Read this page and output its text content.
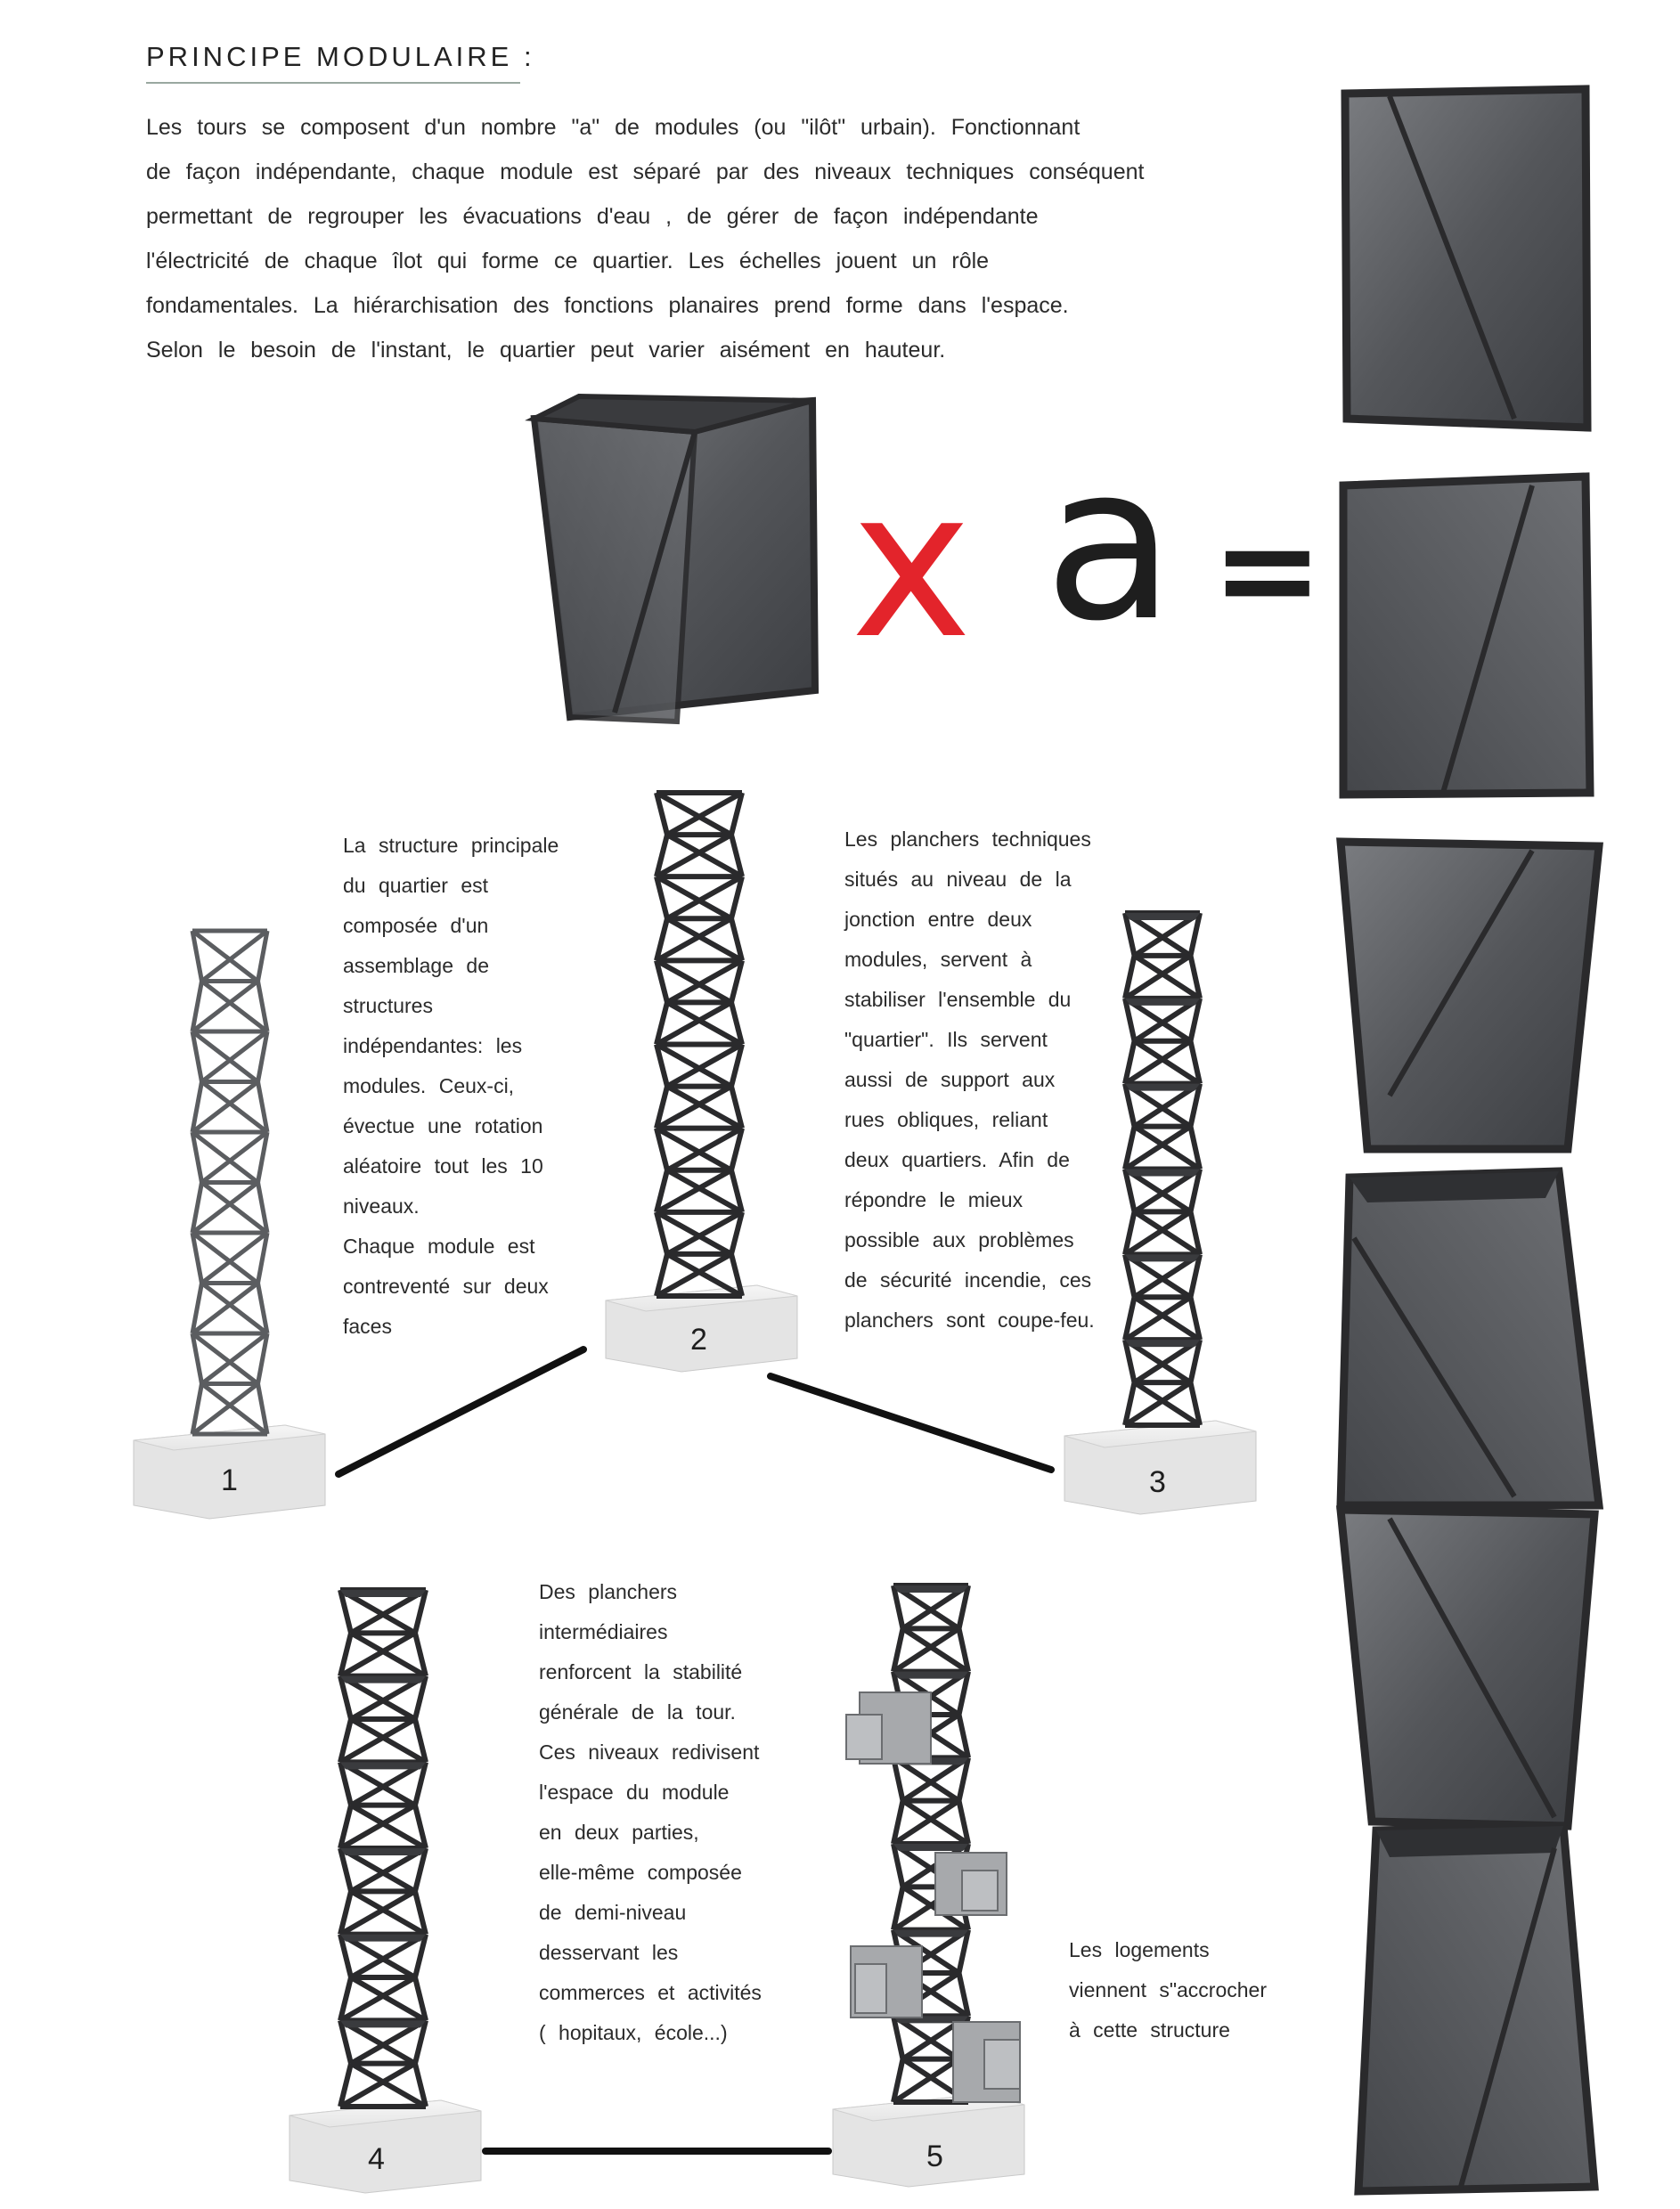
PRINCIPE MODULAIRE :

Les tours se composent d'un nombre "a" de modules (ou "ilôt" urbain). Fonctionnant

de façon indépendante, chaque module est séparé par des niveaux techniques conséquent

permettant de regrouper les évacuations d'eau , de gérer de façon indépendante

l'électricité de chaque îlot qui forme ce quartier. Les échelles jouent un rôle

fondamentales. La hiérarchisation des fonctions planaires prend forme dans l'espace.

Selon le besoin de l'instant, le quartier peut varier aisément en hauteur.

x a =
1
2
3
4	5

La structure principale

du quartier est

composée d'un

assemblage de

structures

indépendantes: les

modules. Ceux-ci,

évectue une rotation

aléatoire tout les 10

niveaux.

Chaque module est

contreventé sur deux

faces

Les planchers techniques

situés au niveau de la

jonction entre deux

modules, servent à

stabiliser l'ensemble du

"quartier". Ils servent

aussi de support aux

rues obliques, reliant

deux quartiers. Afin de

répondre le mieux

possible aux problèmes

de sécurité incendie, ces

planchers sont coupe-feu.

Des planchers

intermédiaires

renforcent la stabilité

générale de la tour.

Ces niveaux redivisent

l'espace du module

en deux parties,

elle-même composée

de demi-niveau

desservant les

commerces et activités

( hopitaux, école...)

Les logements

viennent s"accrocher

à cette structure
